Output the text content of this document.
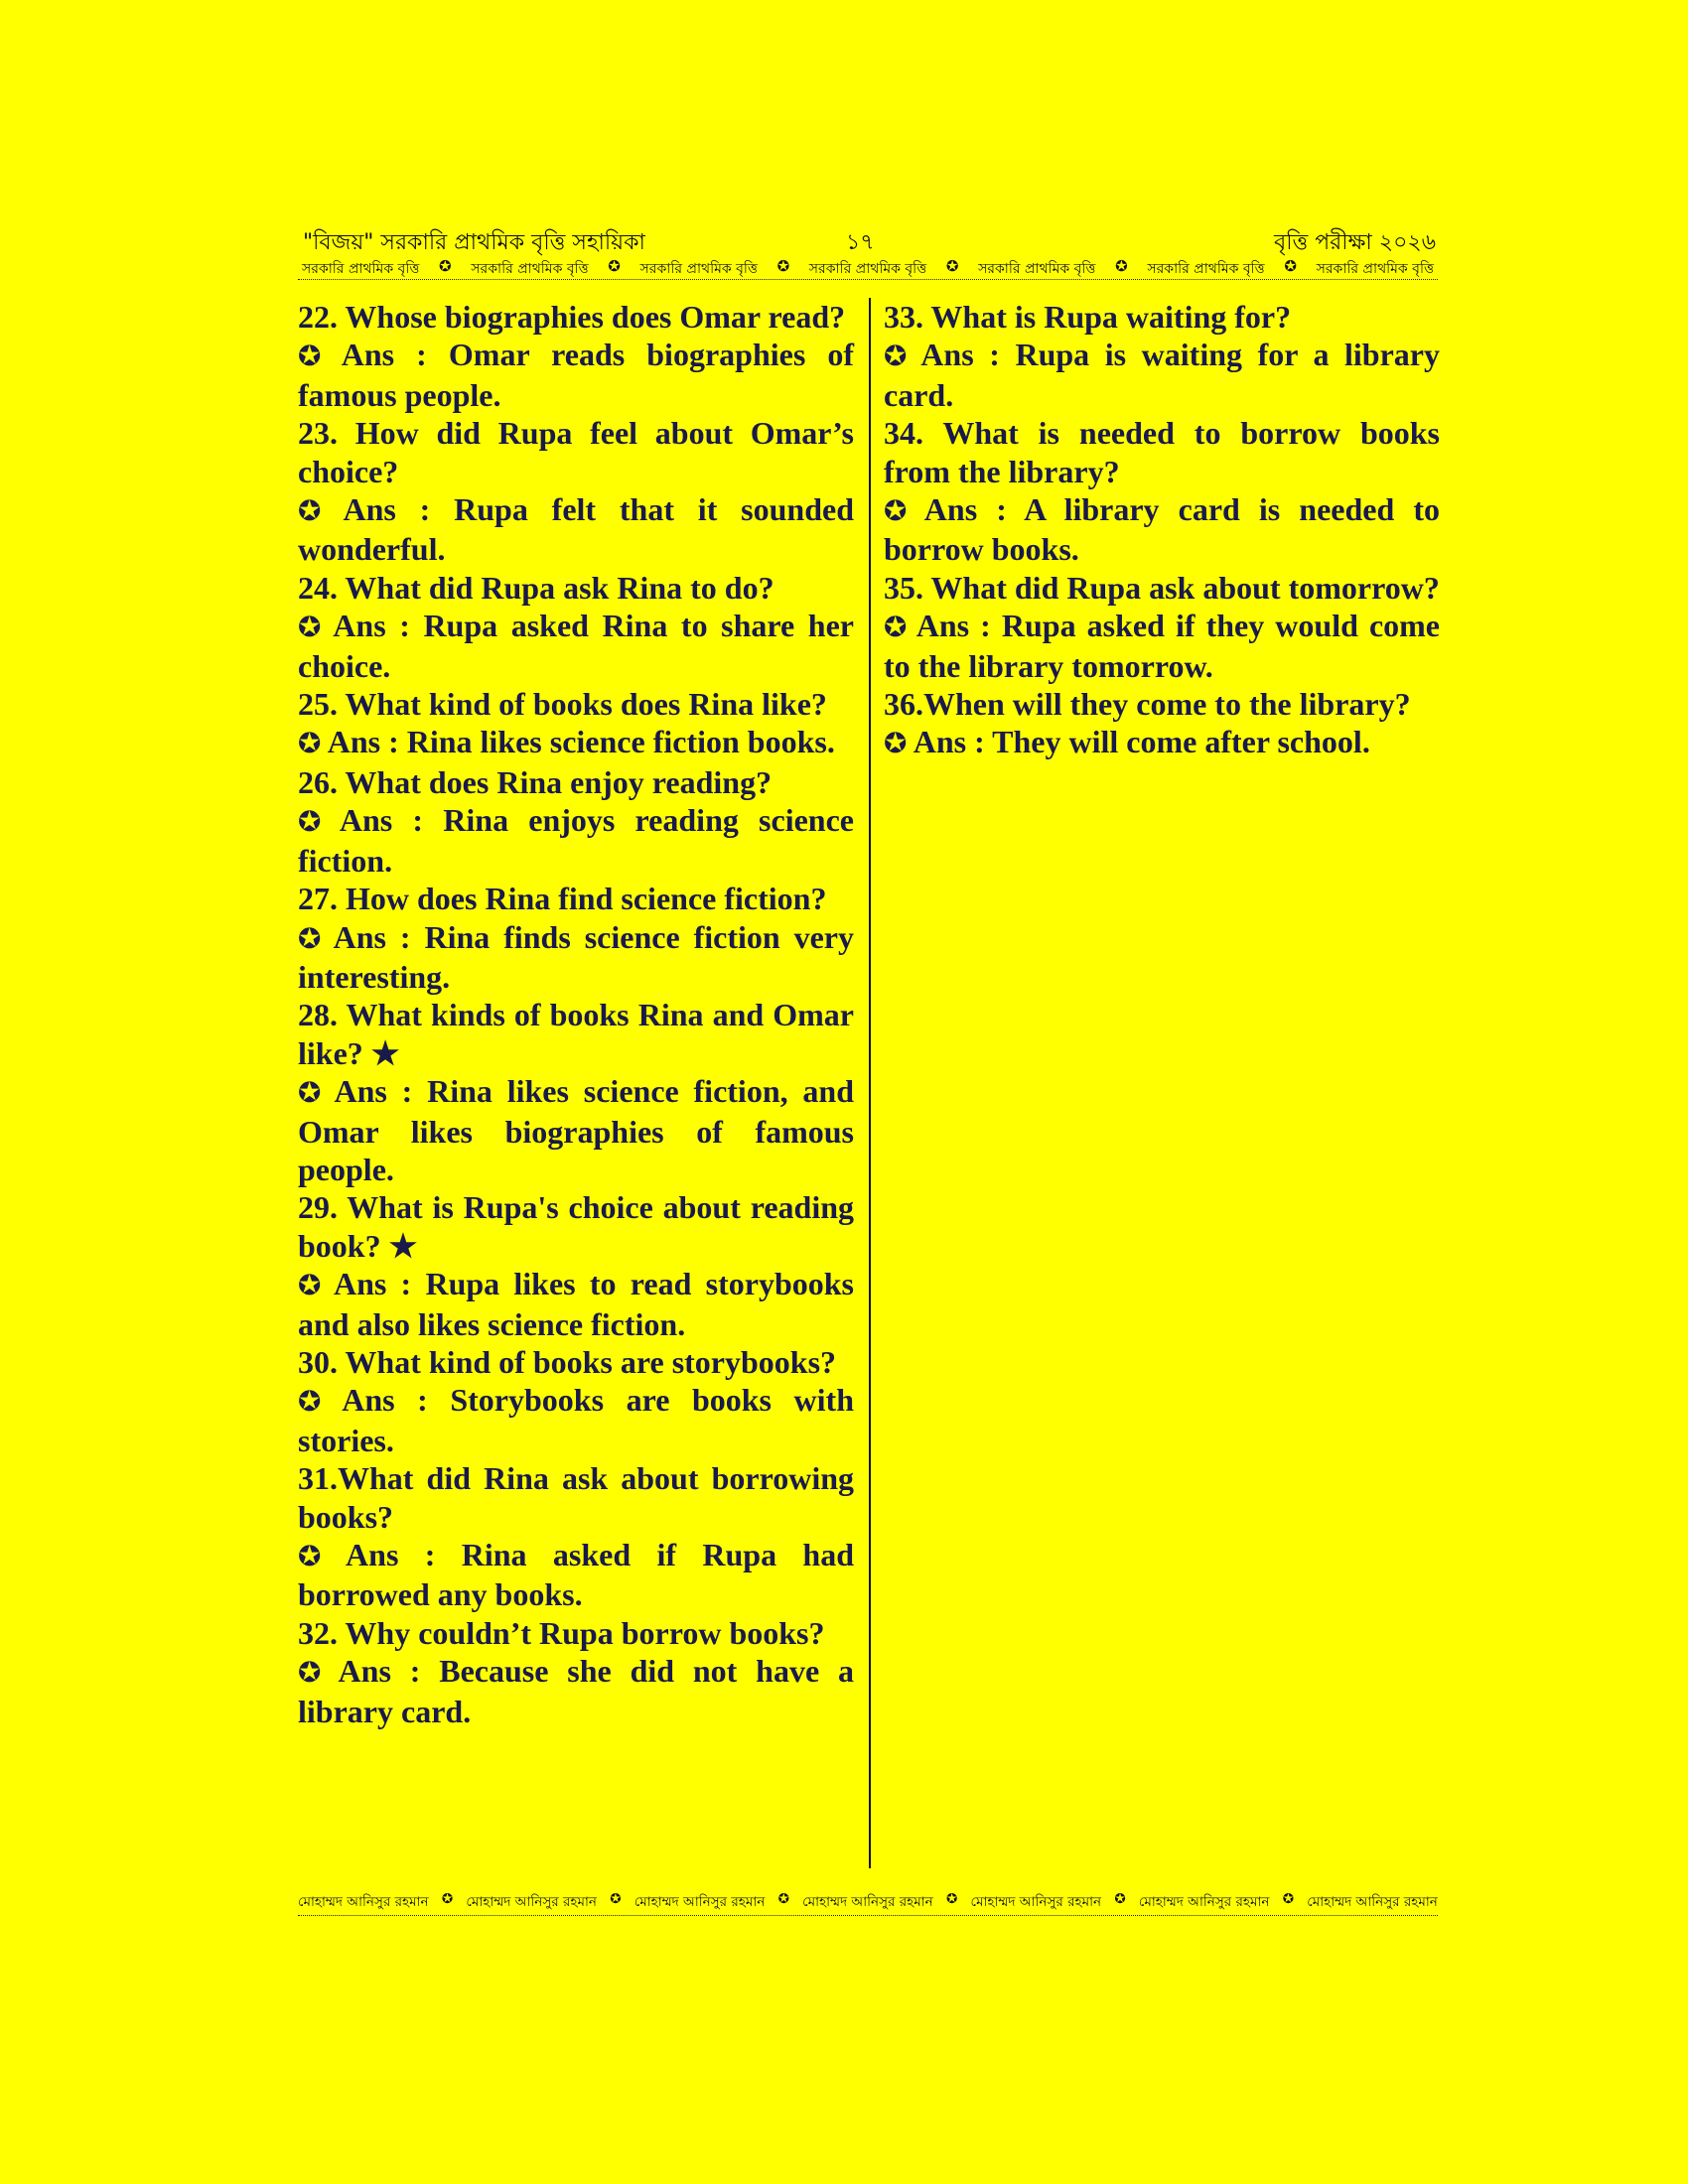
"বিজয়" সরকারি প্রাথমিক বৃত্তি সহায়িকা	১৭	বৃত্তি পরীক্ষা ২০২৬
সরকারি প্রাথমিক বৃত্তি ✪ সরকারি প্রাথমিক বৃত্তি ✪ সরকারি প্রাথমিক বৃত্তি ✪ সরকারি প্রাথমিক বৃত্তি ✪ সরকারি প্রাথমিক বৃত্তি ✪ সরকারি প্রাথমিক বৃত্তি ✪ সরকারি প্রাথমিক বৃত্তি

22. Whose biographies does Omar read?

✪ Ans : Omar reads biographies of famous people.

23. How did Rupa feel about Omar’s choice?

✪ Ans : Rupa felt that it sounded wonderful.

24. What did Rupa ask Rina to do?

✪ Ans : Rupa asked Rina to share her choice.

25. What kind of books does Rina like?

✪ Ans : Rina likes science fiction books.

26. What does Rina enjoy reading?

✪ Ans : Rina enjoys reading science fiction.

27. How does Rina find science fiction?

✪ Ans : Rina finds science fiction very interesting.

28. What kinds of books Rina and Omar like? ★

✪ Ans : Rina likes science fiction, and Omar likes biographies of famous people.

29. What is Rupa's choice about reading book? ★

✪ Ans : Rupa likes to read storybooks and also likes science fiction.

30. What kind of books are storybooks?

✪ Ans : Storybooks are books with stories.

31.What did Rina ask about borrowing books?

✪ Ans : Rina asked if Rupa had borrowed any books.

32. Why couldn’t Rupa borrow books?

✪ Ans : Because she did not have a library card.

33. What is Rupa waiting for?

✪ Ans : Rupa is waiting for a library card.

34. What is needed to borrow books from the library?

✪ Ans : A library card is needed to borrow books.

35. What did Rupa ask about tomorrow?

✪ Ans : Rupa asked if they would come to the library tomorrow.

36.When will they come to the library?

✪ Ans : They will come after school.

মোহাম্মদ আনিসুর রহমান ✪ মোহাম্মদ আনিসুর রহমান ✪ মোহাম্মদ আনিসুর রহমান ✪ মোহাম্মদ আনিসুর রহমান ✪ মোহাম্মদ আনিসুর রহমান ✪ মোহাম্মদ আনিসুর রহমান ✪ মোহাম্মদ আনিসুর রহমান
